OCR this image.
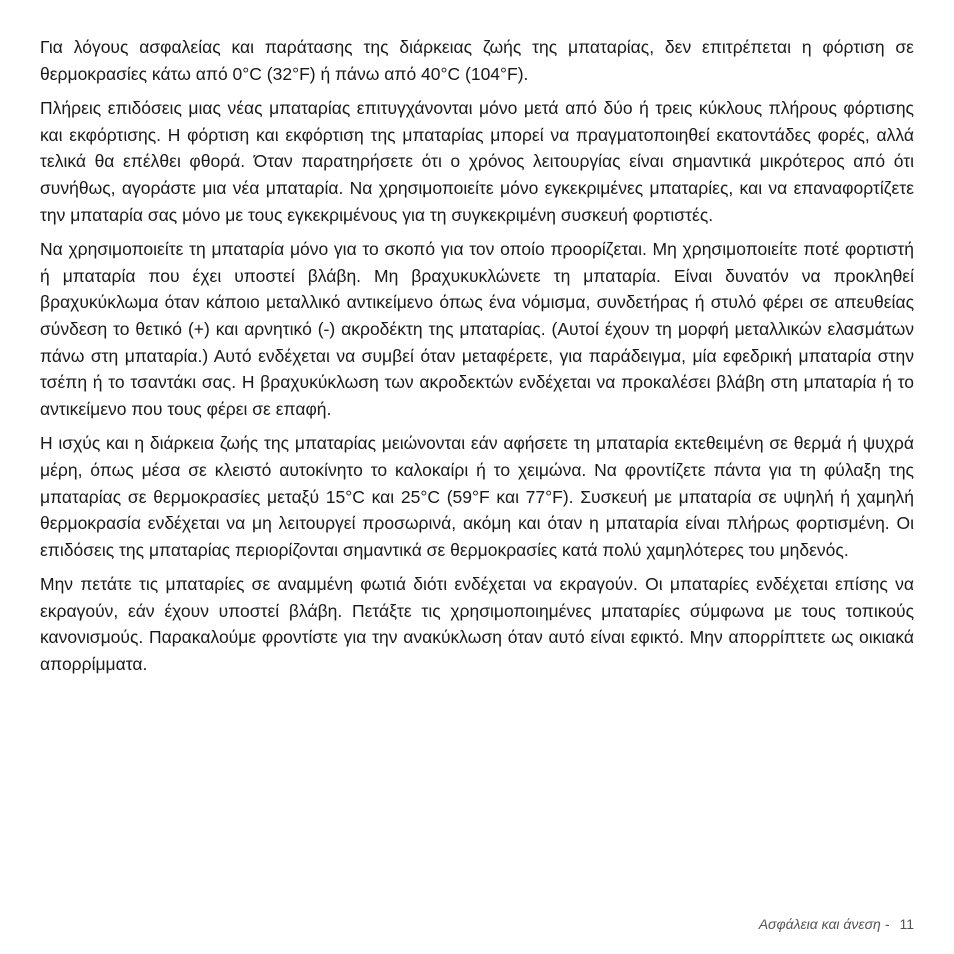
Για λόγους ασφαλείας και παράτασης της διάρκειας ζωής της μπαταρίας, δεν επιτρέπεται η φόρτιση σε θερμοκρασίες κάτω από 0°C (32°F) ή πάνω από 40°C (104°F).

Πλήρεις επιδόσεις μιας νέας μπαταρίας επιτυγχάνονται μόνο μετά από δύο ή τρεις κύκλους πλήρους φόρτισης και εκφόρτισης. Η φόρτιση και εκφόρτιση της μπαταρίας μπορεί να πραγματοποιηθεί εκατοντάδες φορές, αλλά τελικά θα επέλθει φθορά. Όταν παρατηρήσετε ότι ο χρόνος λειτουργίας είναι σημαντικά μικρότερος από ότι συνήθως, αγοράστε μια νέα μπαταρία. Να χρησιμοποιείτε μόνο εγκεκριμένες μπαταρίες, και να επαναφορτίζετε την μπαταρία σας μόνο με τους εγκεκριμένους για τη συγκεκριμένη συσκευή φορτιστές.

Να χρησιμοποιείτε τη μπαταρία μόνο για το σκοπό για τον οποίο προορίζεται. Μη χρησιμοποιείτε ποτέ φορτιστή ή μπαταρία που έχει υποστεί βλάβη. Μη βραχυκυκλώνετε τη μπαταρία. Είναι δυνατόν να προκληθεί βραχυκύκλωμα όταν κάποιο μεταλλικό αντικείμενο όπως ένα νόμισμα, συνδετήρας ή στυλό φέρει σε απευθείας σύνδεση το θετικό (+) και αρνητικό (-) ακροδέκτη της μπαταρίας. (Αυτοί έχουν τη μορφή μεταλλικών ελασμάτων πάνω στη μπαταρία.) Αυτό ενδέχεται να συμβεί όταν μεταφέρετε, για παράδειγμα, μία εφεδρική μπαταρία στην τσέπη ή το τσαντάκι σας. Η βραχυκύκλωση των ακροδεκτών ενδέχεται να προκαλέσει βλάβη στη μπαταρία ή το αντικείμενο που τους φέρει σε επαφή.

Η ισχύς και η διάρκεια ζωής της μπαταρίας μειώνονται εάν αφήσετε τη μπαταρία εκτεθειμένη σε θερμά ή ψυχρά μέρη, όπως μέσα σε κλειστό αυτοκίνητο το καλοκαίρι ή το χειμώνα. Να φροντίζετε πάντα για τη φύλαξη της μπαταρίας σε θερμοκρασίες μεταξύ 15°C και 25°C (59°F και 77°F). Συσκευή με μπαταρία σε υψηλή ή χαμηλή θερμοκρασία ενδέχεται να μη λειτουργεί προσωρινά, ακόμη και όταν η μπαταρία είναι πλήρως φορτισμένη. Οι επιδόσεις της μπαταρίας περιορίζονται σημαντικά σε θερμοκρασίες κατά πολύ χαμηλότερες του μηδενός.

Μην πετάτε τις μπαταρίες σε αναμμένη φωτιά διότι ενδέχεται να εκραγούν. Οι μπαταρίες ενδέχεται επίσης να εκραγούν, εάν έχουν υποστεί βλάβη. Πετάξτε τις χρησιμοποιημένες μπαταρίες σύμφωνα με τους τοπικούς κανονισμούς. Παρακαλούμε φροντίστε για την ανακύκλωση όταν αυτό είναι εφικτό. Μην απορρίπτετε ως οικιακά απορρίμματα.

Ασφάλεια και άνεση - 11
